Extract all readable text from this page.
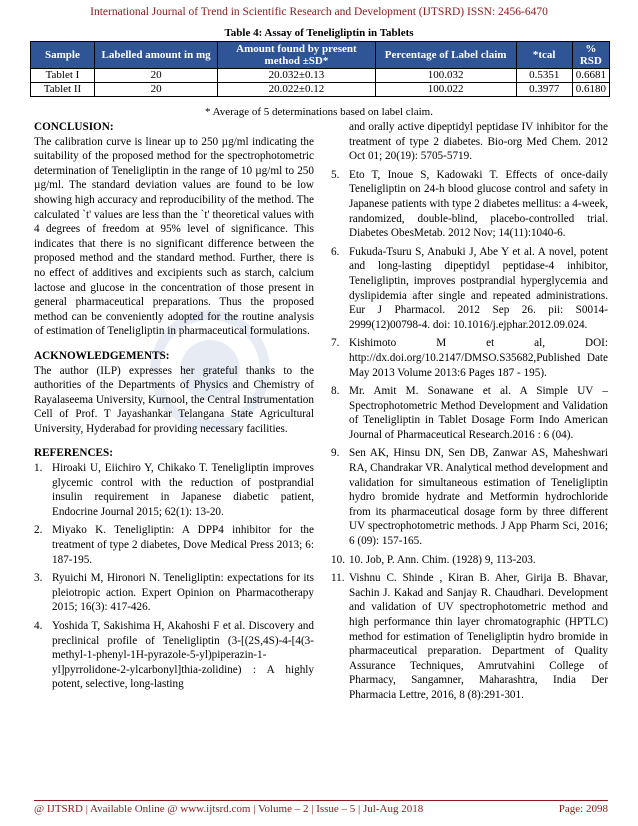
International Journal of Trend in Scientific Research and Development (IJTSRD) ISSN: 2456-6470
Table 4: Assay of Teneligliptin in Tablets
Sample	Labelled amount in mg	Amount found by present method ±SD*	Percentage of Label claim	*tcal	% RSD
Tablet I	20	20.032±0.13	100.032	0.5351	0.6681
Tablet II	20	20.022±0.12	100.022	0.3977	0.6180
* Average of 5 determinations based on label claim.

CONCLUSION:

The calibration curve is linear up to 250 µg/ml indicating the suitability of the proposed method for the spectrophotometric determination of Teneligliptin in the range of 10 µg/ml to 250 µg/ml. The standard deviation values are found to be low showing high accuracy and reproducibility of the method. The calculated `t' values are less than the `t' theoretical values with 4 degrees of freedom at 95% level of significance. This indicates that there is no significant difference between the proposed method and the standard method. Further, there is no effect of additives and excipients such as starch, calcium lactose and glucose in the concentration of those present in general pharmaceutical preparations. Thus the proposed method can be conveniently adopted for the routine analysis of estimation of Teneligliptin in pharmaceutical formulations.

ACKNOWLEDGEMENTS:

The author (ILP) expresses her grateful thanks to the authorities of the Departments of Physics and Chemistry of Rayalaseema University, Kurnool, the Central Instrumentation Cell of Prof. T Jayashankar Telangana State Agricultural University, Hyderabad for providing necessary facilities.

REFERENCES:

1. Hiroaki U, Eiichiro Y, Chikako T. Teneligliptin improves glycemic control with the reduction of postprandial insulin requirement in Japanese diabetic patient, Endocrine Journal 2015; 62(1): 13-20.
2. Miyako K. Teneligliptin: A DPP4 inhibitor for the treatment of type 2 diabetes, Dove Medical Press 2013; 6: 187-195.
3. Ryuichi M, Hironori N. Teneligliptin: expectations for its pleiotropic action. Expert Opinion on Pharmacotherapy 2015; 16(3): 417-426.
4. Yoshida T, Sakishima H, Akahoshi F et al. Discovery and preclinical profile of Teneligliptin (3-[(2S,4S)-4-[4(3-methyl-1-phenyl-1H-pyrazole-5-yl)piperazin-1-yl]pyrrolidone-2-ylcarbonyl]thia-zolidine) : A highly potent, selective, long-lasting
and orally active dipeptidyl peptidase IV inhibitor for the treatment of type 2 diabetes. Bio-org Med Chem. 2012 Oct 01; 20(19): 5705-5719.
5. Eto T, Inoue S, Kadowaki T. Effects of once-daily Teneligliptin on 24-h blood glucose control and safety in Japanese patients with type 2 diabetes mellitus: a 4-week, randomized, double-blind, placebo-controlled trial. Diabetes ObesMetab. 2012 Nov; 14(11):1040-6.
6. Fukuda-Tsuru S, Anabuki J, Abe Y et al. A novel, potent and long-lasting dipeptidyl peptidase-4 inhibitor, Teneligliptin, improves postprandial hyperglycemia and dyslipidemia after single and repeated administrations. Eur J Pharmacol. 2012 Sep 26. pii: S0014-2999(12)00798-4. doi: 10.1016/j.ejphar.2012.09.024.
7. Kishimoto M et al, DOI: http://dx.doi.org/10.2147/DMSO.S35682,Published Date May 2013 Volume 2013:6 Pages 187 - 195).
8. Mr. Amit M. Sonawane et al. A Simple UV – Spectrophotometric Method Development and Validation of Teneligliptin in Tablet Dosage Form Indo American Journal of Pharmaceutical Research.2016 : 6 (04).
9. Sen AK, Hinsu DN, Sen DB, Zanwar AS, Maheshwari RA, Chandrakar VR. Analytical method development and validation for simultaneous estimation of Teneligliptin hydro bromide hydrate and Metformin hydrochloride from its pharmaceutical dosage form by three different UV spectrophotometric methods. J App Pharm Sci, 2016; 6 (09): 157-165.
10. 10. Job, P. Ann. Chim. (1928) 9, 113-203.
11. Vishnu C. Shinde , Kiran B. Aher, Girija B. Bhavar, Sachin J. Kakad and Sanjay R. Chaudhari. Development and validation of UV spectrophotometric method and high performance thin layer chromatographic (HPTLC) method for estimation of Teneligliptin hydro bromide in pharmaceutical preparation. Department of Quality Assurance Techniques, Amrutvahini College of Pharmacy, Sangamner, Maharashtra, India Der Pharmacia Lettre, 2016, 8 (8):291-301.
@ IJTSRD | Available Online @ www.ijtsrd.com | Volume – 2 | Issue – 5 | Jul-Aug 2018	Page: 2098
